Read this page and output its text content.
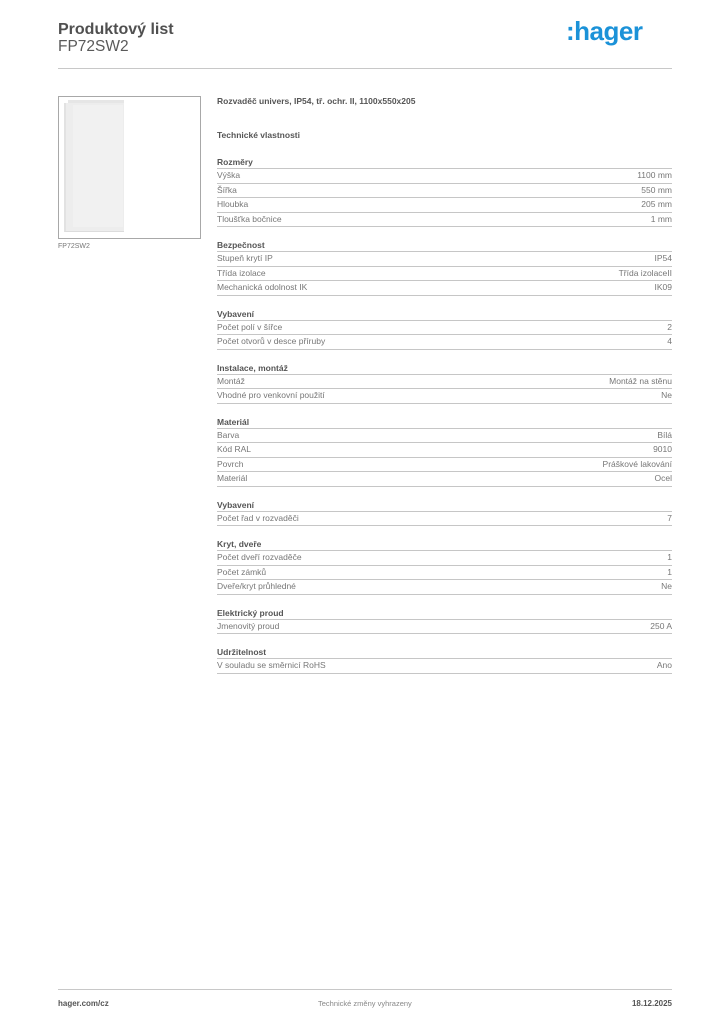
Produktový list
FP72SW2
:hager
FP72SW2
Rozvaděč univers, IP54, tř. ochr. II, 1100x550x205
Technické vlastnosti
Rozměry
Výška	1100 mm
Šířka	550 mm
Hloubka	205 mm
Tloušťka bočnice	1 mm
Bezpečnost
Stupeň krytí IP	IP54
Třída izolace	Třída izolaceII
Mechanická odolnost IK	IK09
Vybavení
Počet polí v šířce	2
Počet otvorů v desce příruby	4
Instalace, montáž
Montáž	Montáž na stěnu
Vhodné pro venkovní použití	Ne
Materiál
Barva	Bílá
Kód RAL	9010
Povrch	Práškové lakování
Materiál	Ocel
Vybavení
Počet řad v rozvaděči	7
Kryt, dveře
Počet dveří rozvaděče	1
Počet zámků	1
Dveře/kryt průhledné	Ne
Elektrický proud
Jmenovitý proud	250 A
Udržitelnost
V souladu se směrnicí RoHS	Ano
hager.com/cz	Technické změny vyhrazeny	18.12.2025
